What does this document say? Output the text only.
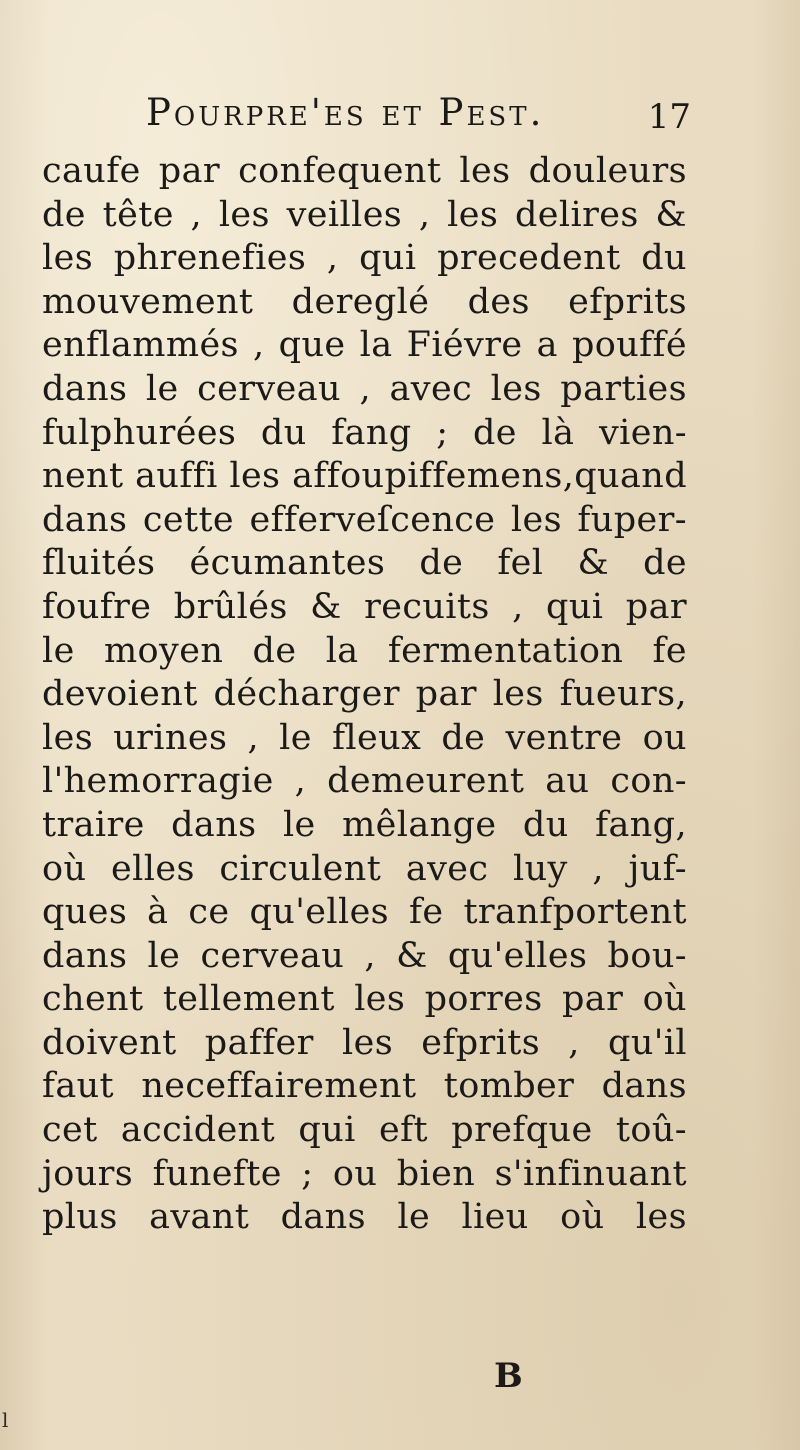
Pourpre'es et Pest.	17
caufe par confequent les douleurs
de tête , les veilles , les delires &
les phrenefies , qui precedent du
mouvement dereglé des efprits
enflammés , que la Fiévre a pouffé
dans le cerveau , avec les parties
fulphurées du fang ; de là vien-
nent auffi les affoupiffemens,quand
dans cette efferveſcence les fuper-
fluités écumantes de fel & de
foufre brûlés & recuits , qui par
le moyen de la fermentation fe
devoient décharger par les fueurs,
les urines , le fleux de ventre ou
l'hemorragie , demeurent au con-
traire dans le mêlange du fang,
où elles circulent avec luy , juf-
ques à ce qu'elles fe tranfportent
dans le cerveau , & qu'elles bou-
chent tellement les porres par où
doivent paffer les efprits , qu'il
faut neceffairement tomber dans
cet accident qui eft prefque toû-
jours funefte ; ou bien s'infinuant
plus avant dans le lieu où les
B
l
